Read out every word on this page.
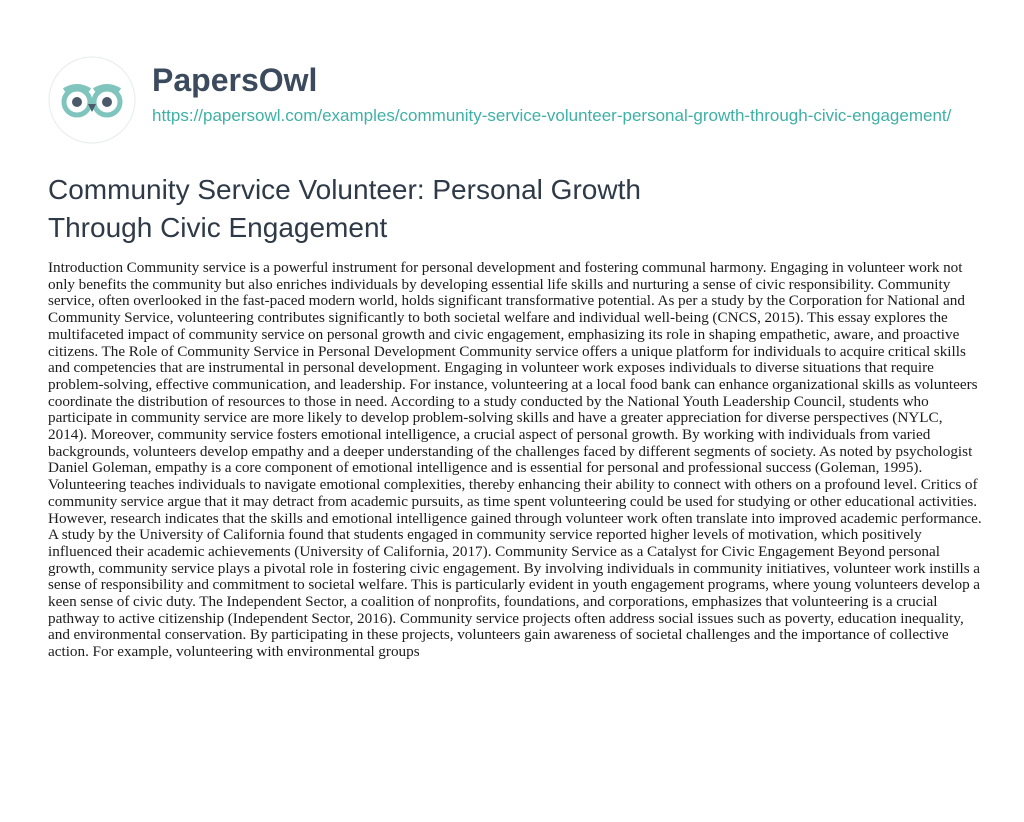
PapersOwl
https://papersowl.com/examples/community-service-volunteer-personal-growth-through-civic-engagement/
Community Service Volunteer: Personal Growth Through Civic Engagement

Introduction Community service is a powerful instrument for personal development and fostering communal harmony. Engaging in volunteer work not only benefits the community but also enriches individuals by developing essential life skills and nurturing a sense of civic responsibility. Community service, often overlooked in the fast-paced modern world, holds significant transformative potential. As per a study by the Corporation for National and Community Service, volunteering contributes significantly to both societal welfare and individual well-being (CNCS, 2015). This essay explores the multifaceted impact of community service on personal growth and civic engagement, emphasizing its role in shaping empathetic, aware, and proactive citizens. The Role of Community Service in Personal Development Community service offers a unique platform for individuals to acquire critical skills and competencies that are instrumental in personal development. Engaging in volunteer work exposes individuals to diverse situations that require problem-solving, effective communication, and leadership. For instance, volunteering at a local food bank can enhance organizational skills as volunteers coordinate the distribution of resources to those in need. According to a study conducted by the National Youth Leadership Council, students who participate in community service are more likely to develop problem-solving skills and have a greater appreciation for diverse perspectives (NYLC, 2014). Moreover, community service fosters emotional intelligence, a crucial aspect of personal growth. By working with individuals from varied backgrounds, volunteers develop empathy and a deeper understanding of the challenges faced by different segments of society. As noted by psychologist Daniel Goleman, empathy is a core component of emotional intelligence and is essential for personal and professional success (Goleman, 1995). Volunteering teaches individuals to navigate emotional complexities, thereby enhancing their ability to connect with others on a profound level. Critics of community service argue that it may detract from academic pursuits, as time spent volunteering could be used for studying or other educational activities. However, research indicates that the skills and emotional intelligence gained through volunteer work often translate into improved academic performance. A study by the University of California found that students engaged in community service reported higher levels of motivation, which positively influenced their academic achievements (University of California, 2017). Community Service as a Catalyst for Civic Engagement Beyond personal growth, community service plays a pivotal role in fostering civic engagement. By involving individuals in community initiatives, volunteer work instills a sense of responsibility and commitment to societal welfare. This is particularly evident in youth engagement programs, where young volunteers develop a keen sense of civic duty. The Independent Sector, a coalition of nonprofits, foundations, and corporations, emphasizes that volunteering is a crucial pathway to active citizenship (Independent Sector, 2016). Community service projects often address social issues such as poverty, education inequality, and environmental conservation. By participating in these projects, volunteers gain awareness of societal challenges and the importance of collective action. For example, volunteering with environmental groups
